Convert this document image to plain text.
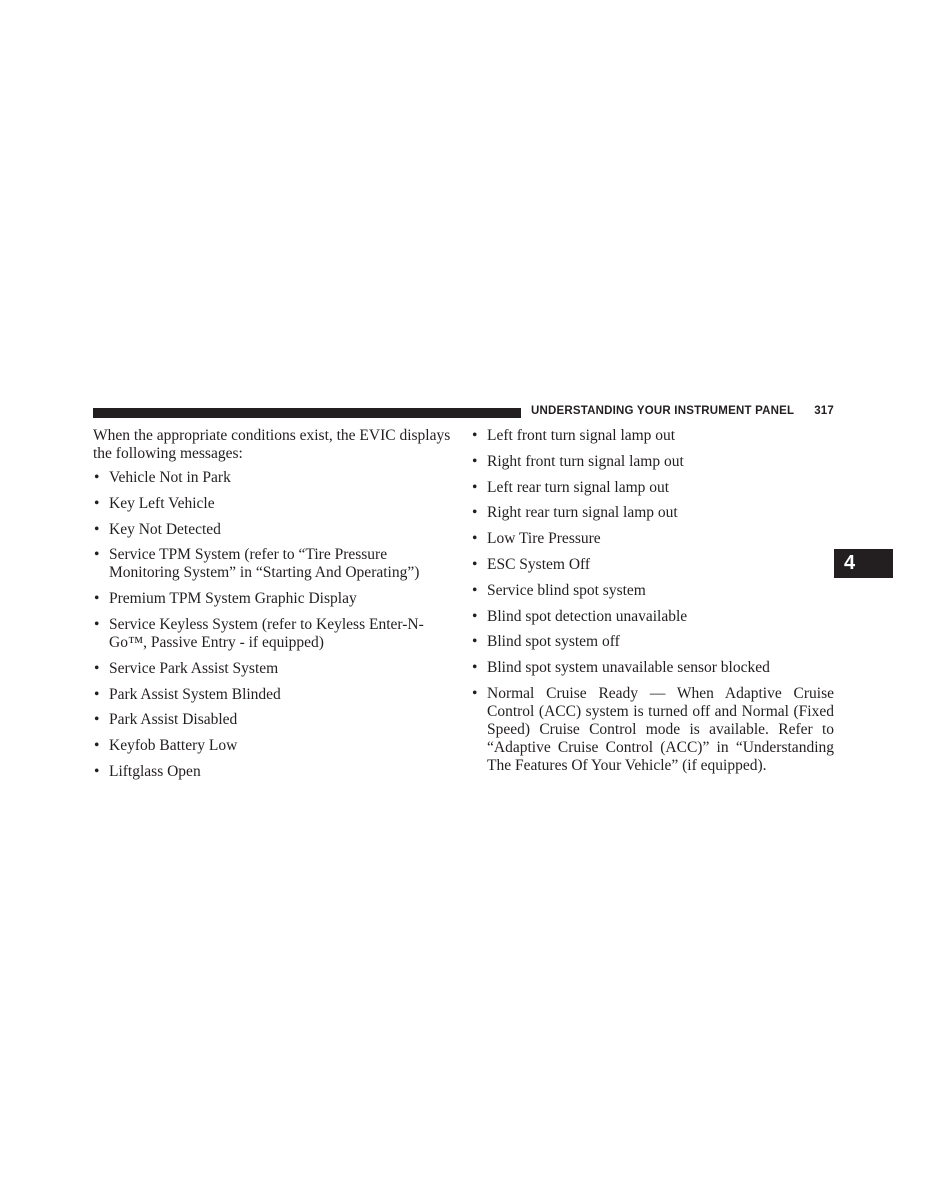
UNDERSTANDING YOUR INSTRUMENT PANEL 317
4

When the appropriate conditions exist, the EVIC displays the following messages:

• Vehicle Not in Park
• Key Left Vehicle
• Key Not Detected
• Service TPM System (refer to “Tire Pressure Monitoring System” in “Starting And Operating”)
• Premium TPM System Graphic Display
• Service Keyless System (refer to Keyless Enter-N-Go™, Passive Entry - if equipped)
• Service Park Assist System
• Park Assist System Blinded
• Park Assist Disabled
• Keyfob Battery Low
• Liftglass Open
• Left front turn signal lamp out
• Right front turn signal lamp out
• Left rear turn signal lamp out
• Right rear turn signal lamp out
• Low Tire Pressure
• ESC System Off
• Service blind spot system
• Blind spot detection unavailable
• Blind spot system off
• Blind spot system unavailable sensor blocked
• Normal Cruise Ready — When Adaptive Cruise Control (ACC) system is turned off and Normal (Fixed Speed) Cruise Control mode is available. Refer to “Adaptive Cruise Control (ACC)” in “Understanding The Features Of Your Vehicle” (if equipped).
